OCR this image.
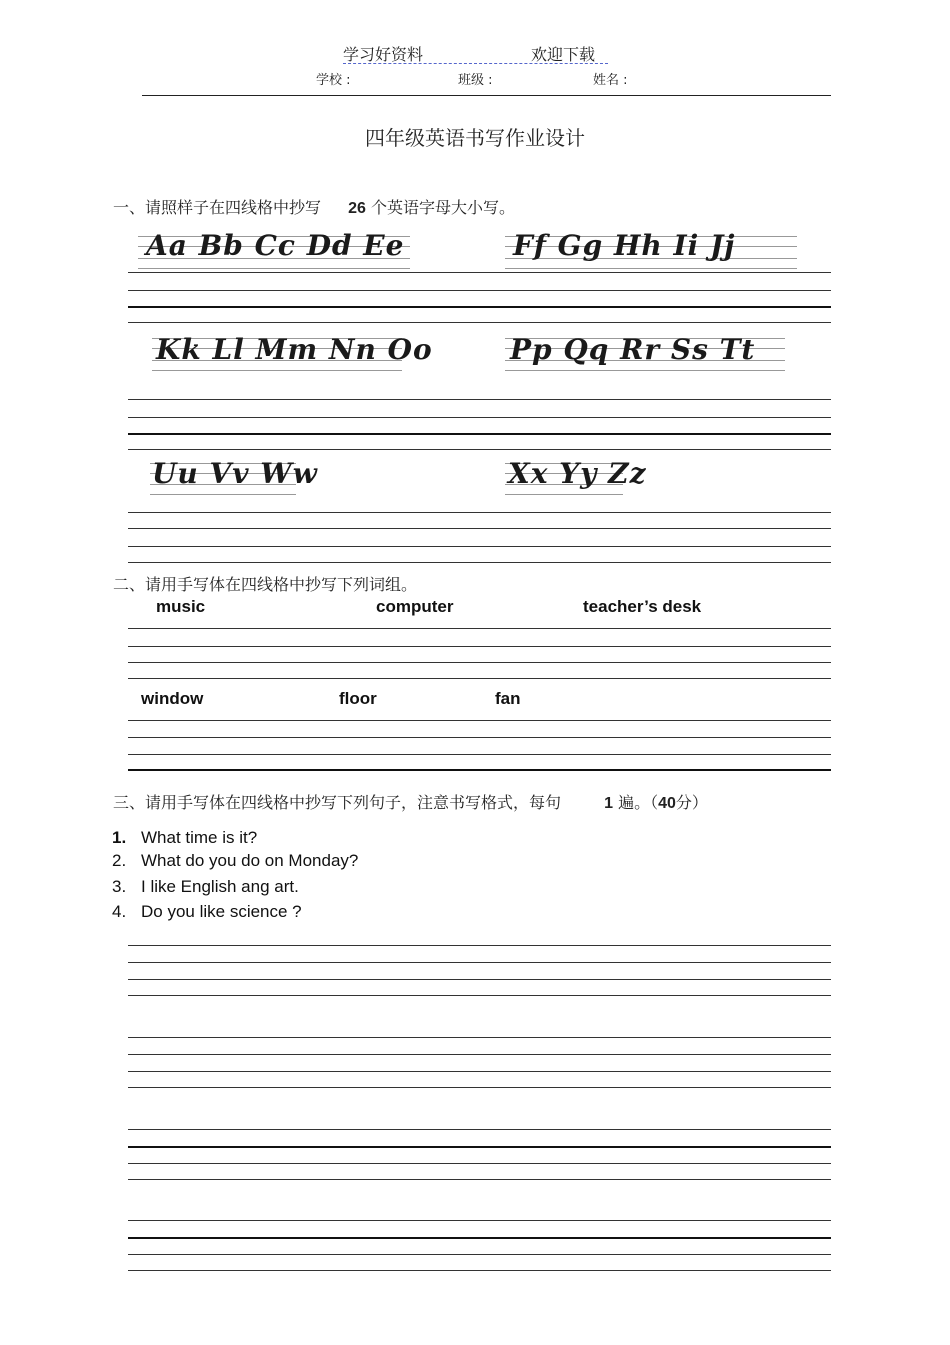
学习好资料	欢迎下载
学校 :	班级 :	姓名 :
四年级英语书写作业设计
一、请照样子在四线格中抄写 26 个英语字母大小写。
Aa Bb Cc Dd Ee	Ff Gg Hh Ii Jj
Kk Ll Mm Nn Oo	Pp Qq Rr Ss Tt
Uu Vv Ww	Xx Yy Zz
二、请用手写体在四线格中抄写下列词组。
music	computer	teacher’s desk
window	floor	fan
三、请用手写体在四线格中抄写下列句子，注意书写格式，每句	1 遍。（40分）
1. What time is it?
2. What do you do on Monday?
3. I like English ang art.
4. Do you like science ?
